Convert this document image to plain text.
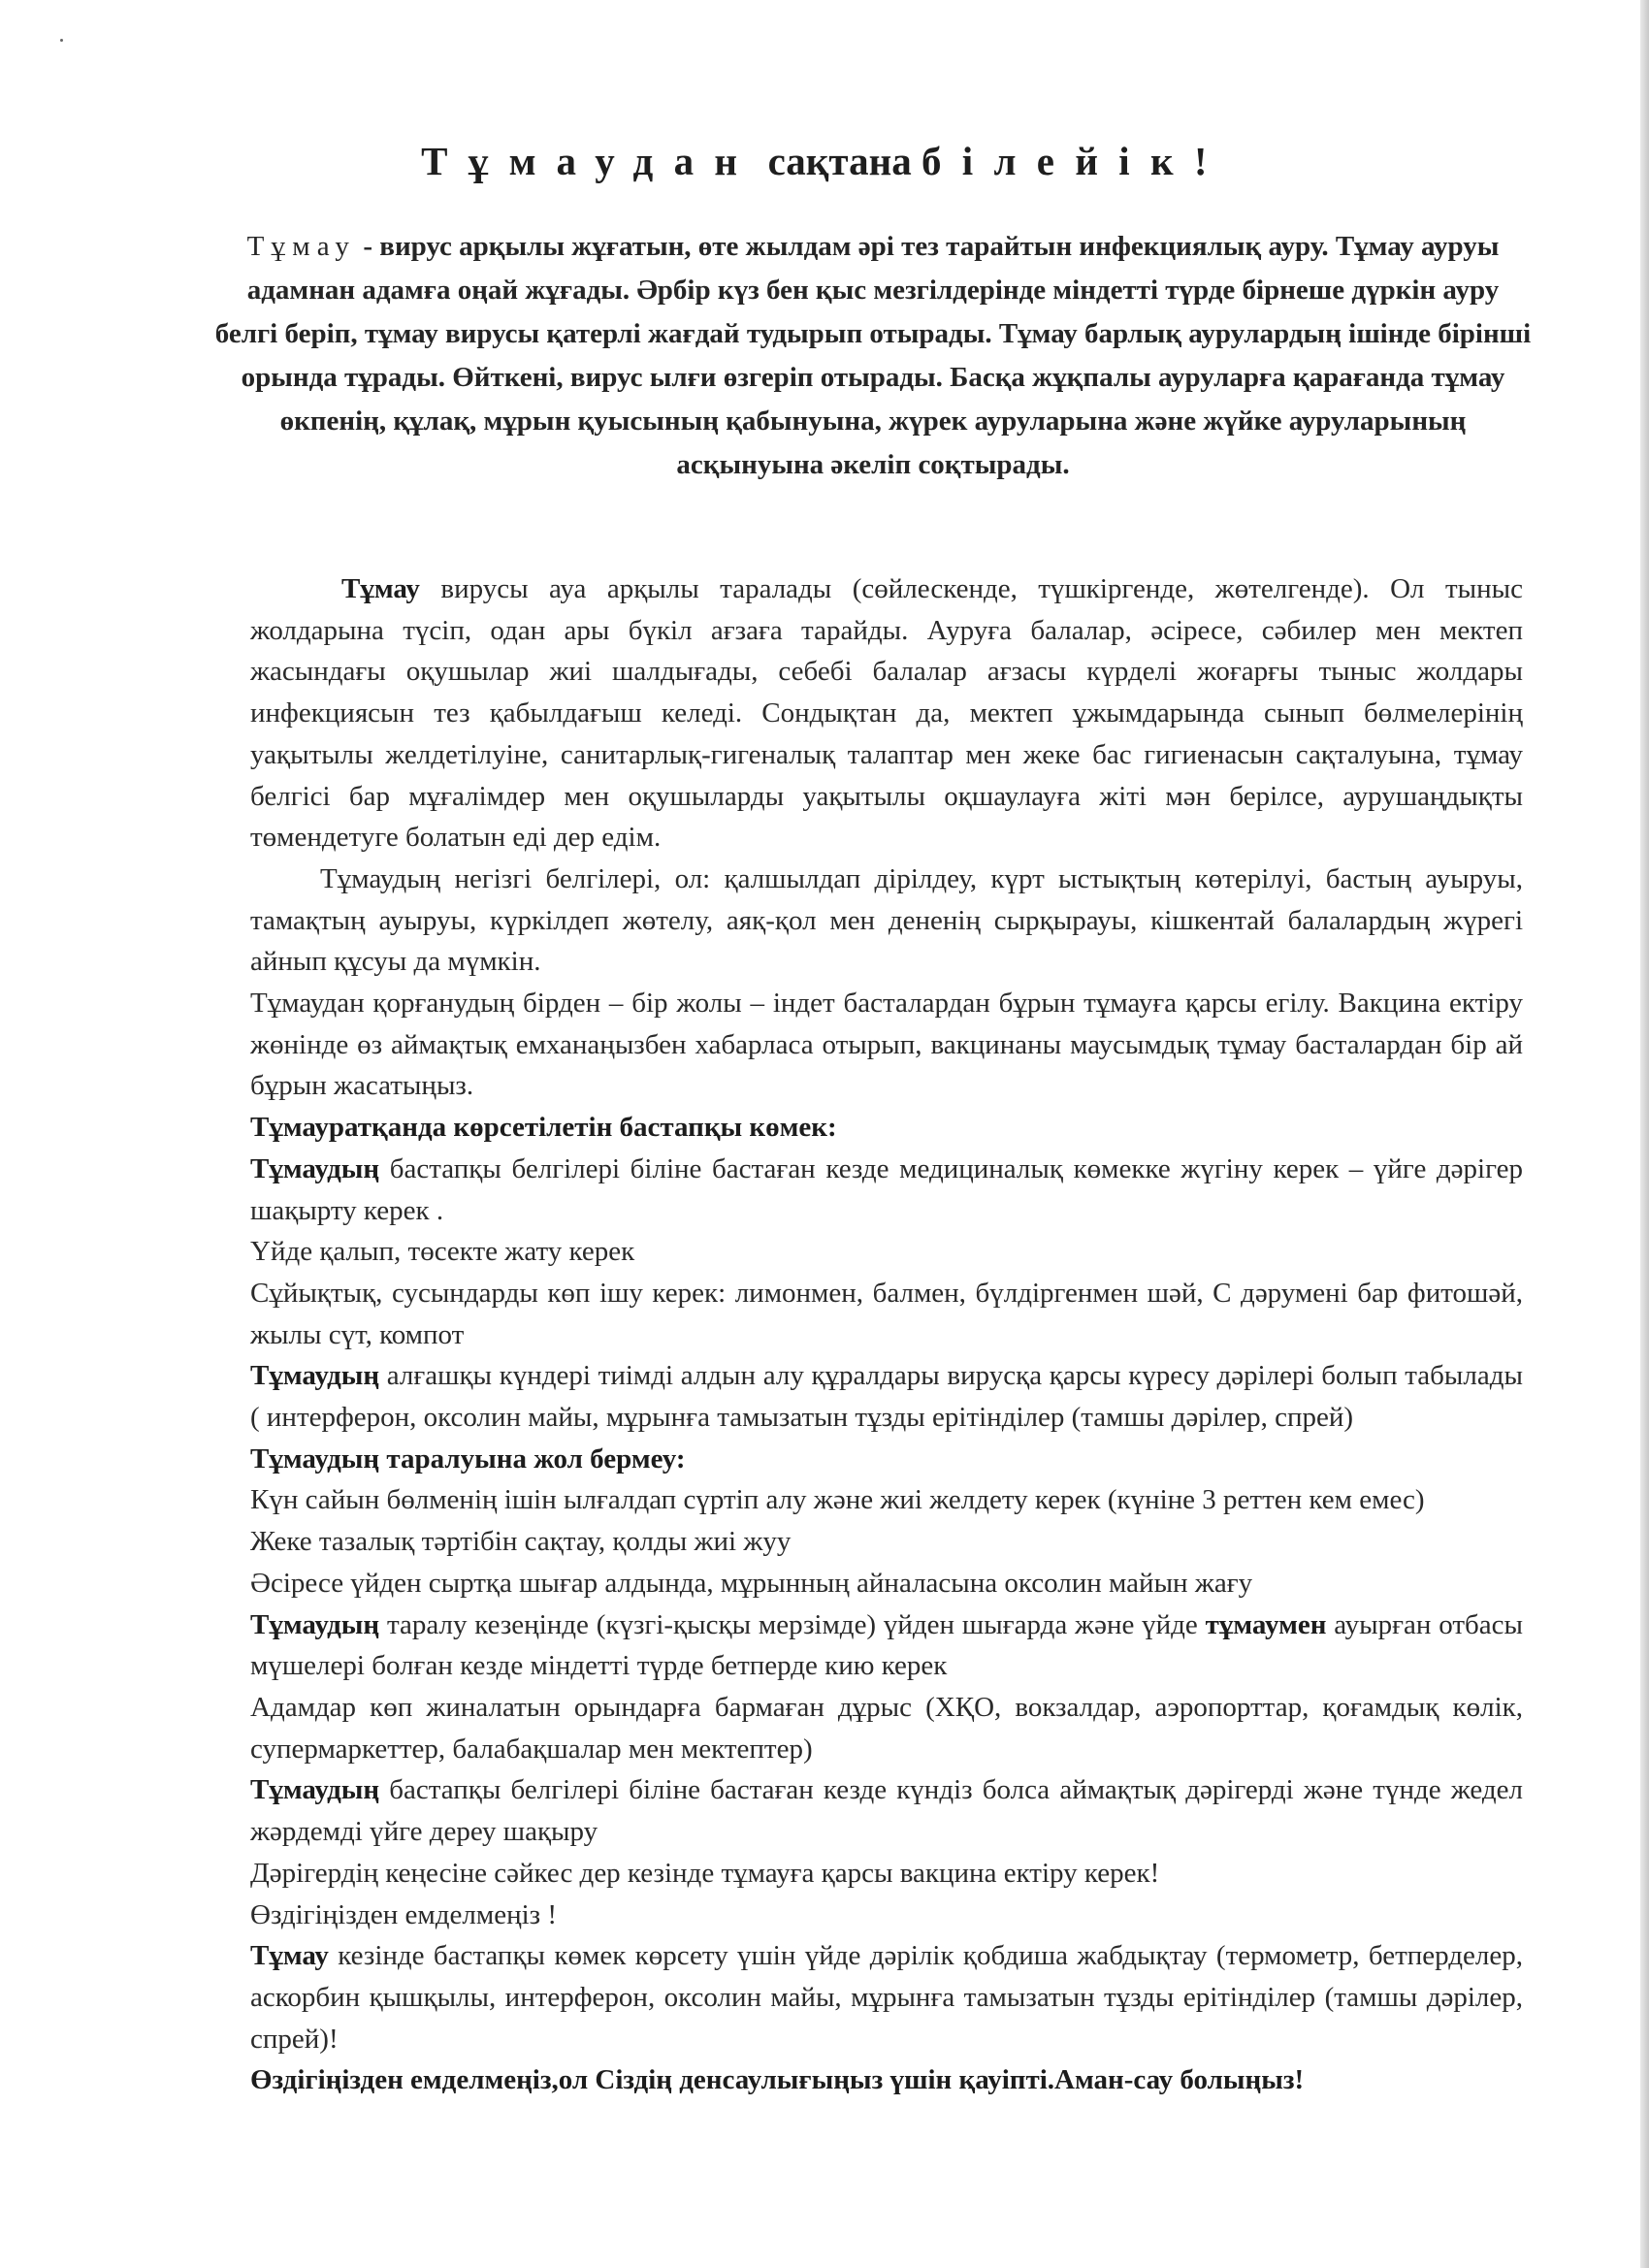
Тұмаудан сақтана білейік!
Тұмау - вирус арқылы жұғатын, өте жылдам әрі тез тарайтын инфекциялық ауру. Тұмау ауруы адамнан адамға оңай жұғады. Әрбір күз бен қыс мезгілдерінде міндетті түрде бірнеше дүркін ауру белгі беріп, тұмау вирусы қатерлі жағдай тудырып отырады. Тұмау барлық аурулардың ішінде бірінші орында тұрады. Өйткені, вирус ылғи өзгеріп отырады. Басқа жұқпалы ауруларға қарағанда тұмау өкпенің, құлақ, мұрын қуысының қабынуына, жүрек ауруларына және жүйке ауруларының асқынуына әкеліп соқтырады.

Тұмау вирусы ауа арқылы таралады (сөйлескенде, түшкіргенде, жөтелгенде). Ол тыныс жолдарына түсіп, одан ары бүкіл ағзаға тарайды. Ауруға балалар, әсіресе, сәбилер мен мектеп жасындағы оқушылар жиі шалдығады, себебі балалар ағзасы күрделі жоғарғы тыныс жолдары инфекциясын тез қабылдағыш келеді. Сондықтан да, мектеп ұжымдарында сынып бөлмелерінің уақытылы желдетілуіне, санитарлық-гигеналық талаптар мен жеке бас гигиенасын сақталуына, тұмау белгісі бар мұғалімдер мен оқушыларды уақытылы оқшаулауға жіті мән берілсе, аурушаңдықты төмендетуге болатын еді дер едім.

Тұмаудың негізгі белгілері, ол: қалшылдап дірілдеу, күрт ыстықтың көтерілуі, бастың ауыруы, тамақтың ауыруы, күркілдеп жөтелу, аяқ-қол мен дененің сырқырауы, кішкентай балалардың жүрегі айнып құсуы да мүмкін.

Тұмаудан қорғанудың бірден – бір жолы – індет басталардан бұрын тұмауға қарсы егілу. Вакцина ектіру жөнінде өз аймақтық емханаңызбен хабарласа отырып, вакцинаны маусымдық тұмау басталардан бір ай бұрын жасатыңыз.

Тұмауратқанда көрсетілетін бастапқы көмек:

Тұмаудың бастапқы белгілері біліне бастаған кезде медициналық көмекке жүгіну керек – үйге дәрігер шақырту керек .

Үйде қалып, төсекте жату керек

Сұйықтық, сусындарды көп ішу керек: лимонмен, балмен, бүлдіргенмен шәй, С дәрумені бар фитошәй, жылы сүт, компот

Тұмаудың алғашқы күндері тиімді алдын алу құралдары вирусқа қарсы күресу дәрілері болып табылады ( интерферон, оксолин майы, мұрынға тамызатын тұзды ерітінділер (тамшы дәрілер, спрей)

Тұмаудың таралуына жол бермеу:

Күн сайын бөлменің ішін ылғалдап сүртіп алу және жиі желдету керек (күніне 3 реттен кем емес)

Жеке тазалық тәртібін сақтау, қолды жиі жуу

Әсіресе үйден сыртқа шығар алдында, мұрынның айналасына оксолин майын жағу

Тұмаудың таралу кезеңінде (күзгі-қысқы мерзімде) үйден шығарда және үйде тұмаумен ауырған отбасы мүшелері болған кезде міндетті түрде бетперде кию керек

Адамдар көп жиналатын орындарға бармаған дұрыс (ХҚО, вокзалдар, аэропорттар, қоғамдық көлік, супермаркеттер, балабақшалар мен мектептер)

Тұмаудың бастапқы белгілері біліне бастаған кезде күндіз болса аймақтық дәрігерді және түнде жедел жәрдемді үйге дереу шақыру

Дәрігердің кеңесіне сәйкес дер кезінде тұмауға қарсы вакцина ектіру керек!

Өздігіңізден емделмеңіз !

Тұмау кезінде бастапқы көмек көрсету үшін үйде дәрілік қобдиша жабдықтау (термометр, бетперделер, аскорбин қышқылы, интерферон, оксолин майы, мұрынға тамызатын тұзды ерітінділер (тамшы дәрілер, спрей)!

Өздігіңізден емделмеңіз,ол Сіздің денсаулығыңыз үшін қауіпті.Аман-сау болыңыз!
